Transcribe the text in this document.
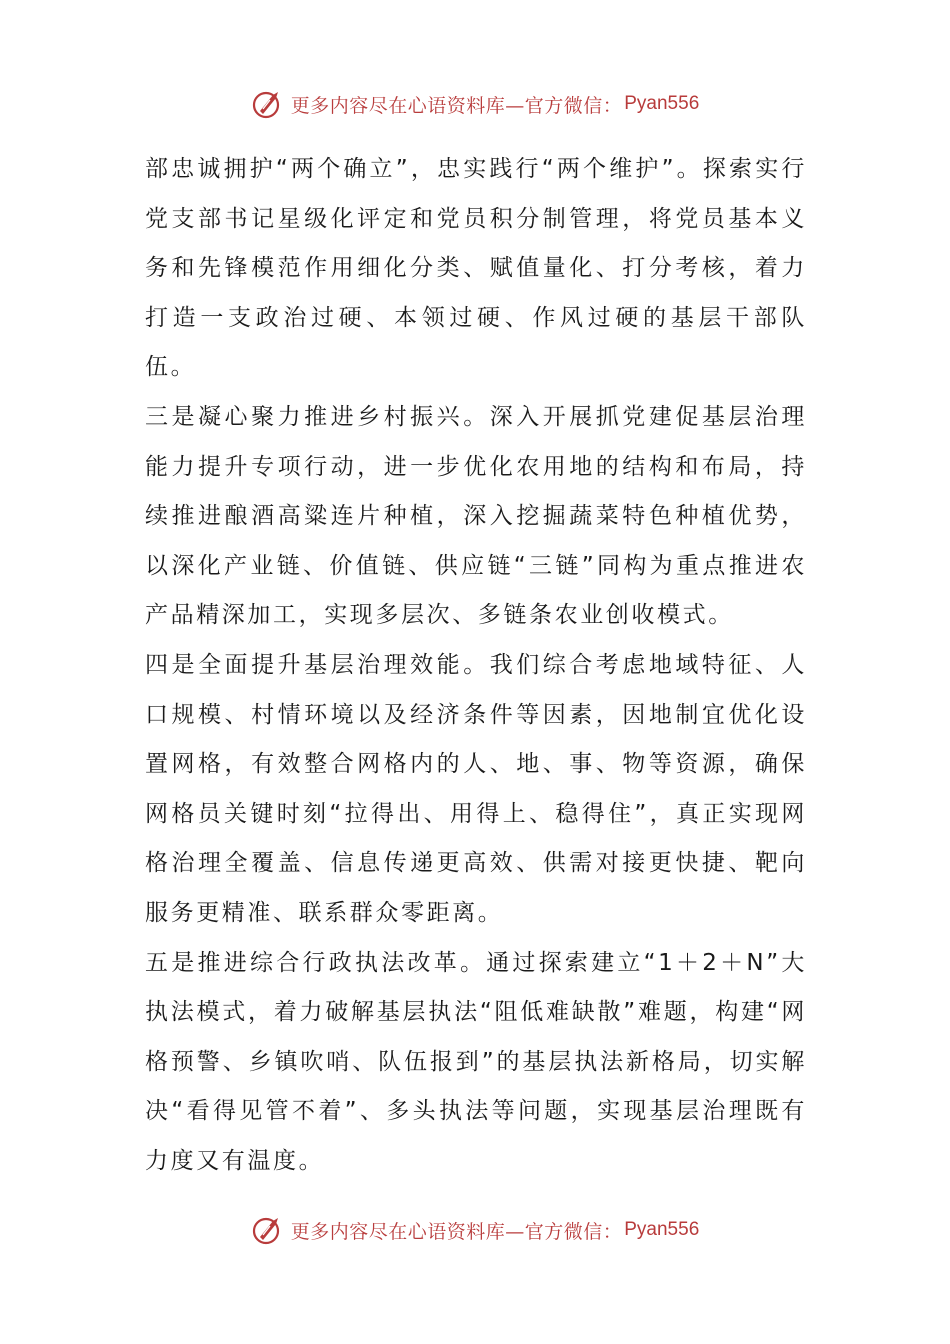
更多内容尽在心语资料库—官方微信： Pyan556

部忠诚拥护“两个确立”，忠实践行“两个维护”。探索实行党支部书记星级化评定和党员积分制管理，将党员基本义务和先锋模范作用细化分类、赋值量化、打分考核，着力打造一支政治过硬、本领过硬、作风过硬的基层干部队伍。

三是凝心聚力推进乡村振兴。深入开展抓党建促基层治理能力提升专项行动，进一步优化农用地的结构和布局，持续推进酿酒高粱连片种植，深入挖掘蔬菜特色种植优势，以深化产业链、价值链、供应链“三链”同构为重点推进农产品精深加工，实现多层次、多链条农业创收模式。

四是全面提升基层治理效能。我们综合考虑地域特征、人口规模、村情环境以及经济条件等因素，因地制宜优化设置网格，有效整合网格内的人、地、事、物等资源，确保网格员关键时刻“拉得出、用得上、稳得住”，真正实现网格治理全覆盖、信息传递更高效、供需对接更快捷、靶向服务更精准、联系群众零距离。

五是推进综合行政执法改革。通过探索建立“1＋2＋N”大执法模式，着力破解基层执法“阻低难缺散”难题，构建“网格预警、乡镇吹哨、队伍报到”的基层执法新格局，切实解决“看得见管不着”、多头执法等问题，实现基层治理既有力度又有温度。

更多内容尽在心语资料库—官方微信： Pyan556
